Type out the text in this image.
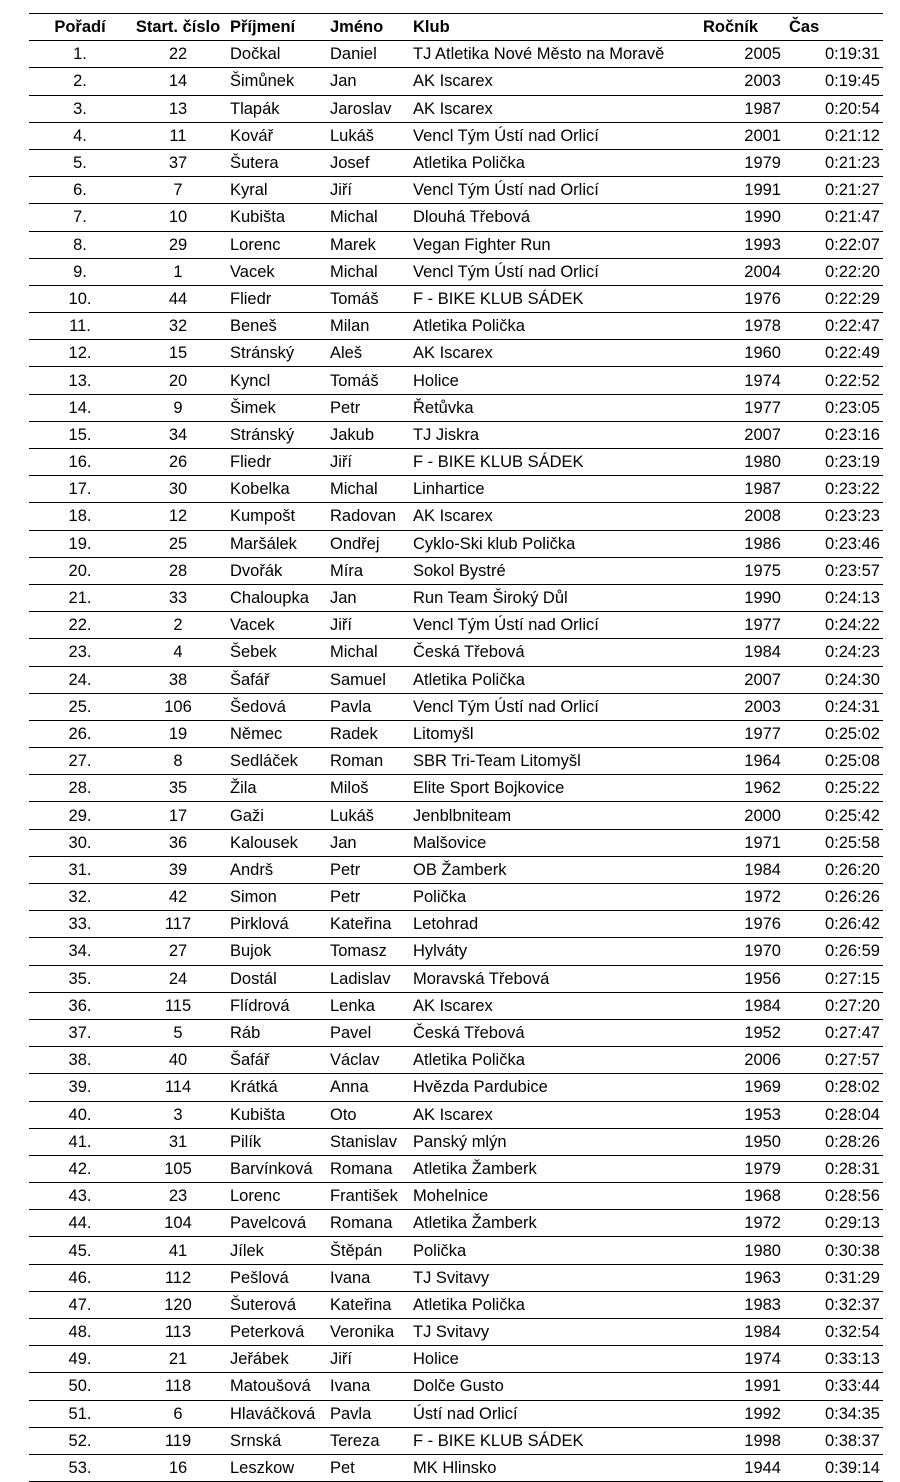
Pořadí	Start. číslo	Příjmení	Jméno	Klub	Ročník	Čas
1.	22	Dočkal	Daniel	TJ Atletika Nové Město na Moravě	2005	0:19:31
2.	14	Šimůnek	Jan	AK Iscarex	2003	0:19:45
3.	13	Tlapák	Jaroslav	AK Iscarex	1987	0:20:54
4.	11	Kovář	Lukáš	Vencl Tým Ústí nad Orlicí	2001	0:21:12
5.	37	Šutera	Josef	Atletika Polička	1979	0:21:23
6.	7	Kyral	Jiří	Vencl Tým Ústí nad Orlicí	1991	0:21:27
7.	10	Kubišta	Michal	Dlouhá Třebová	1990	0:21:47
8.	29	Lorenc	Marek	Vegan Fighter Run	1993	0:22:07
9.	1	Vacek	Michal	Vencl Tým Ústí nad Orlicí	2004	0:22:20
10.	44	Fliedr	Tomáš	F - BIKE KLUB SÁDEK	1976	0:22:29
11.	32	Beneš	Milan	Atletika Polička	1978	0:22:47
12.	15	Stránský	Aleš	AK Iscarex	1960	0:22:49
13.	20	Kyncl	Tomáš	Holice	1974	0:22:52
14.	9	Šimek	Petr	Řetůvka	1977	0:23:05
15.	34	Stránský	Jakub	TJ Jiskra	2007	0:23:16
16.	26	Fliedr	Jiří	F - BIKE KLUB SÁDEK	1980	0:23:19
17.	30	Kobelka	Michal	Linhartice	1987	0:23:22
18.	12	Kumpošt	Radovan	AK Iscarex	2008	0:23:23
19.	25	Maršálek	Ondřej	Cyklo-Ski klub Polička	1986	0:23:46
20.	28	Dvořák	Míra	Sokol Bystré	1975	0:23:57
21.	33	Chaloupka	Jan	Run Team Široký Důl	1990	0:24:13
22.	2	Vacek	Jiří	Vencl Tým Ústí nad Orlicí	1977	0:24:22
23.	4	Šebek	Michal	Česká Třebová	1984	0:24:23
24.	38	Šafář	Samuel	Atletika Polička	2007	0:24:30
25.	106	Šedová	Pavla	Vencl Tým Ústí nad Orlicí	2003	0:24:31
26.	19	Němec	Radek	Litomyšl	1977	0:25:02
27.	8	Sedláček	Roman	SBR Tri-Team Litomyšl	1964	0:25:08
28.	35	Žila	Miloš	Elite Sport Bojkovice	1962	0:25:22
29.	17	Gaži	Lukáš	Jenblbniteam	2000	0:25:42
30.	36	Kalousek	Jan	Malšovice	1971	0:25:58
31.	39	Andrš	Petr	OB Žamberk	1984	0:26:20
32.	42	Simon	Petr	Polička	1972	0:26:26
33.	117	Pirklová	Kateřina	Letohrad	1976	0:26:42
34.	27	Bujok	Tomasz	Hylváty	1970	0:26:59
35.	24	Dostál	Ladislav	Moravská Třebová	1956	0:27:15
36.	115	Flídrová	Lenka	AK Iscarex	1984	0:27:20
37.	5	Ráb	Pavel	Česká Třebová	1952	0:27:47
38.	40	Šafář	Václav	Atletika Polička	2006	0:27:57
39.	114	Krátká	Anna	Hvězda Pardubice	1969	0:28:02
40.	3	Kubišta	Oto	AK Iscarex	1953	0:28:04
41.	31	Pilík	Stanislav	Panský mlýn	1950	0:28:26
42.	105	Barvínková	Romana	Atletika Žamberk	1979	0:28:31
43.	23	Lorenc	František	Mohelnice	1968	0:28:56
44.	104	Pavelcová	Romana	Atletika Žamberk	1972	0:29:13
45.	41	Jílek	Štěpán	Polička	1980	0:30:38
46.	112	Pešlová	Ivana	TJ Svitavy	1963	0:31:29
47.	120	Šuterová	Kateřina	Atletika Polička	1983	0:32:37
48.	113	Peterková	Veronika	TJ Svitavy	1984	0:32:54
49.	21	Jeřábek	Jiří	Holice	1974	0:33:13
50.	118	Matoušová	Ivana	Dolče Gusto	1991	0:33:44
51.	6	Hlaváčková	Pavla	Ústí nad Orlicí	1992	0:34:35
52.	119	Srnská	Tereza	F - BIKE KLUB SÁDEK	1998	0:38:37
53.	16	Leszkow	Pet	MK Hlinsko	1944	0:39:14
